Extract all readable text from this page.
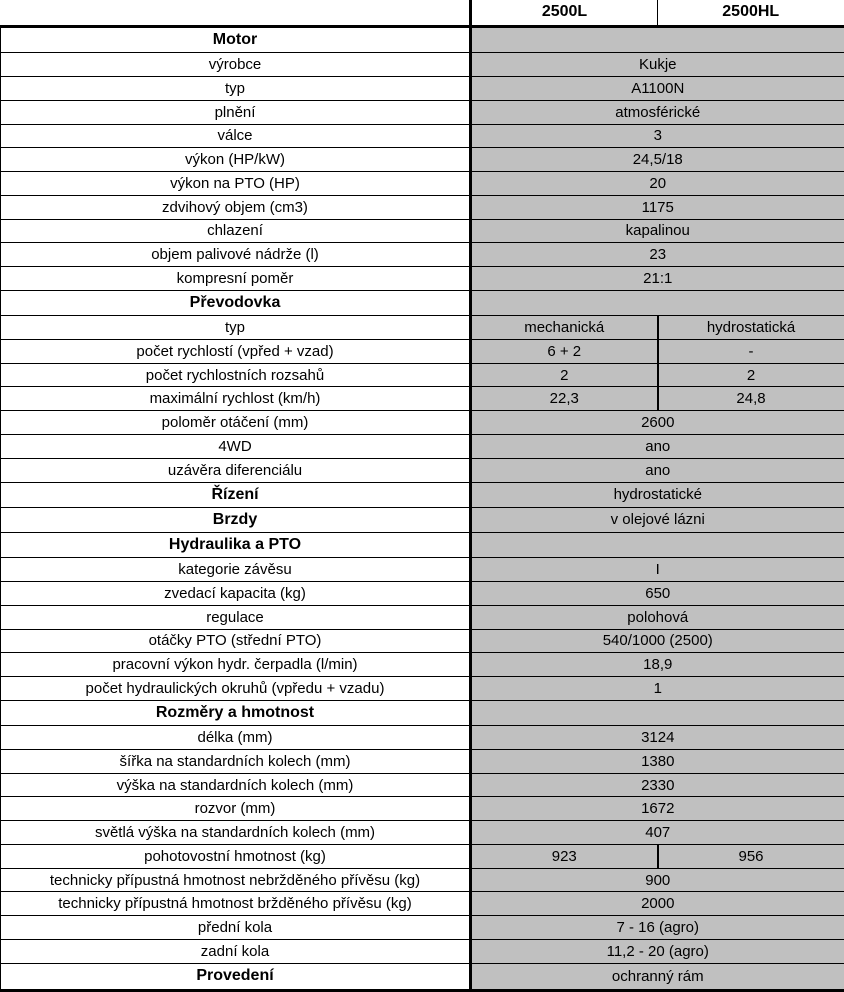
	2500L	2500HL
Motor		
výrobce	Kukje	
typ	A1100N	
plnění	atmosférické	
válce	3	
výkon (HP/kW)	24,5/18	
výkon na PTO (HP)	20	
zdvihový objem (cm3)	1175	
chlazení	kapalinou	
objem palivové nádrže (l)	23	
kompresní poměr	21:1	
Převodovka		
typ	mechanická	hydrostatická
počet rychlostí (vpřed + vzad)	6 + 2	-
počet rychlostních rozsahů	2	2
maximální rychlost (km/h)	22,3	24,8
poloměr otáčení (mm)	2600	
4WD	ano	
uzávěra diferenciálu	ano	
Řízení	hydrostatické	
Brzdy	v olejové lázni	
Hydraulika a PTO		
kategorie závěsu	I	
zvedací kapacita (kg)	650	
regulace	polohová	
otáčky PTO (střední PTO)	540/1000 (2500)	
pracovní výkon hydr. čerpadla (l/min)	18,9	
počet hydraulických okruhů (vpředu + vzadu)	1	
Rozměry a hmotnost		
délka (mm)	3124	
šířka na standardních kolech (mm)	1380	
výška na standardních kolech (mm)	2330	
rozvor (mm)	1672	
světlá výška na standardních kolech (mm)	407	
pohotovostní hmotnost (kg)	923	956
technicky přípustná hmotnost nebržděného přívěsu (kg)	900	
technicky přípustná hmotnost bržděného přívěsu (kg)	2000	
přední kola	7 - 16 (agro)	
zadní kola	11,2 - 20 (agro)	
Provedení	ochranný rám	
